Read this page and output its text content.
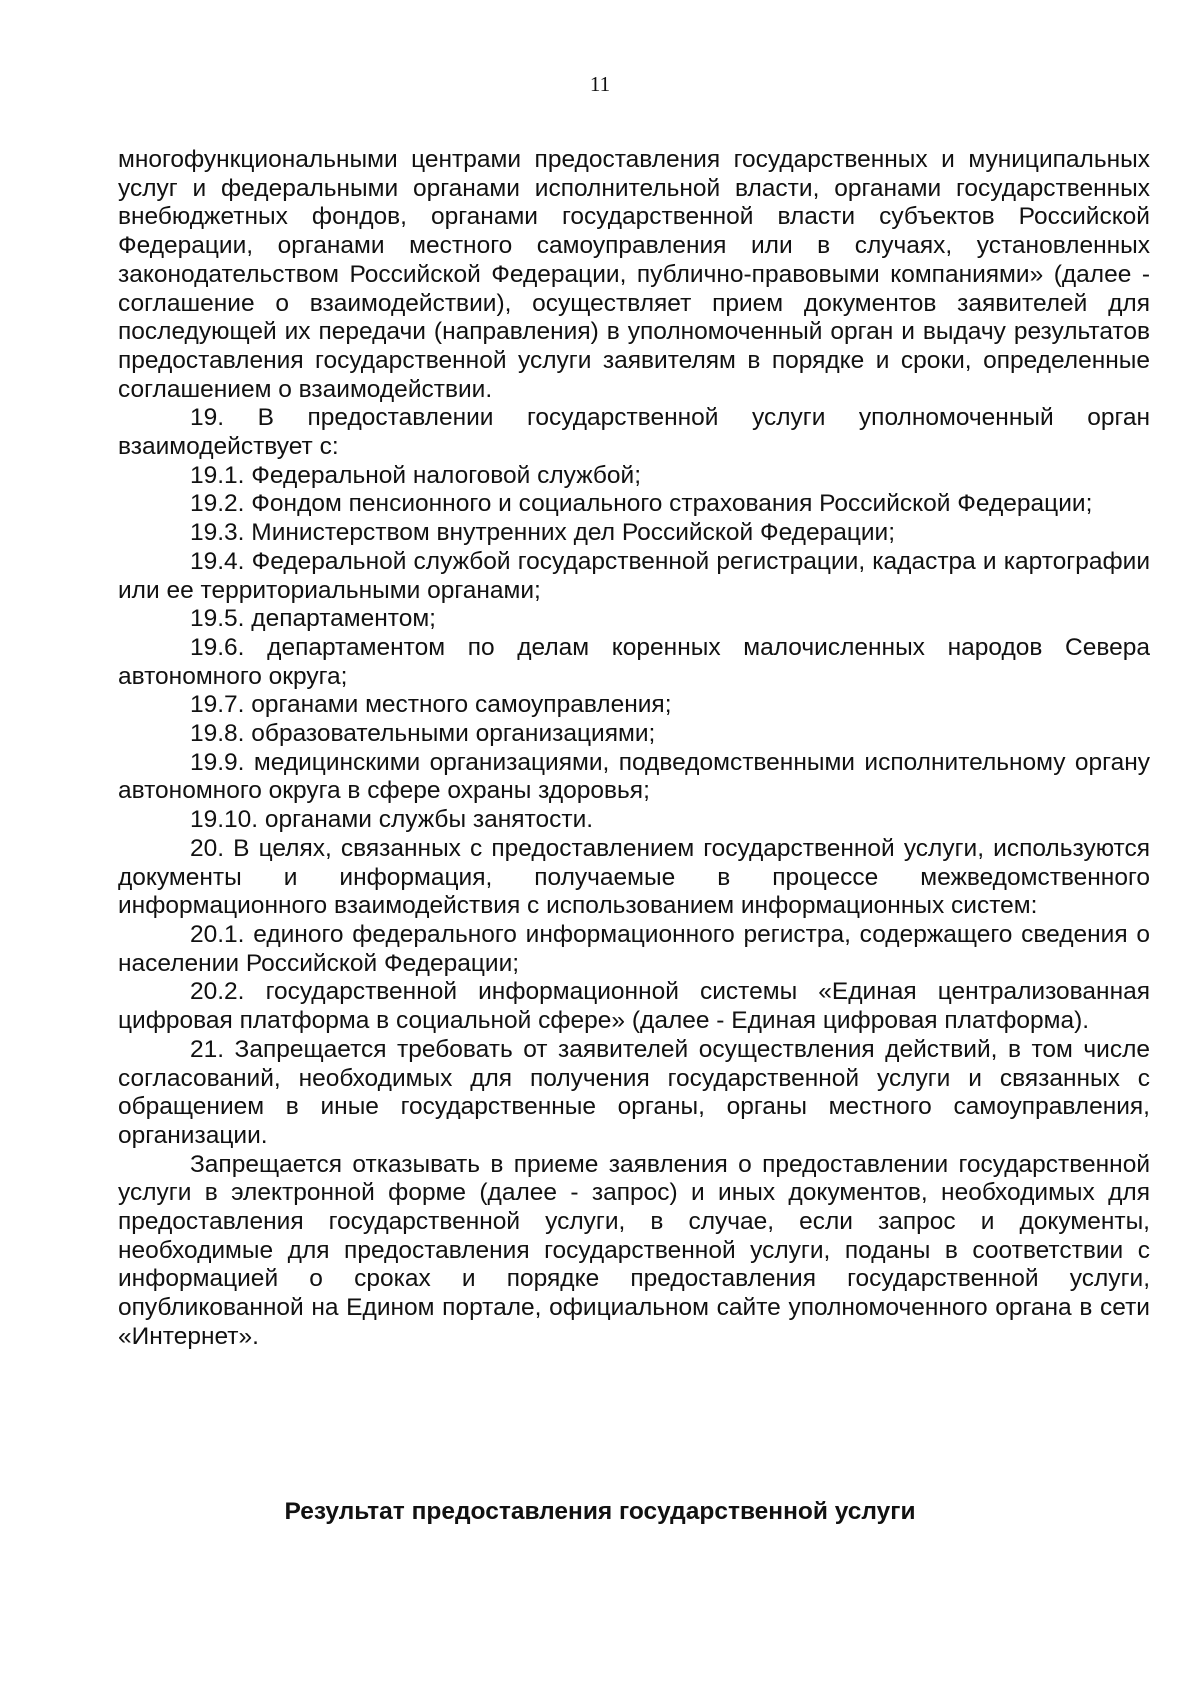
11

многофункциональными центрами предоставления государственных и муниципальных услуг и федеральными органами исполнительной власти, органами государственных внебюджетных фондов, органами государственной власти субъектов Российской Федерации, органами местного самоуправления или в случаях, установленных законодательством Российской Федерации, публично-правовыми компаниями» (далее - соглашение о взаимодействии), осуществляет прием документов заявителей для последующей их передачи (направления) в уполномоченный орган и выдачу результатов предоставления государственной услуги заявителям в порядке и сроки, определенные соглашением о взаимодействии.

19. В предоставлении государственной услуги уполномоченный орган взаимодействует с:

19.1. Федеральной налоговой службой;

19.2. Фондом пенсионного и социального страхования Российской Федерации;

19.3. Министерством внутренних дел Российской Федерации;

19.4. Федеральной службой государственной регистрации, кадастра и картографии или ее территориальными органами;

19.5. департаментом;

19.6. департаментом по делам коренных малочисленных народов Севера автономного округа;

19.7. органами местного самоуправления;

19.8. образовательными организациями;

19.9. медицинскими организациями, подведомственными исполнительному органу автономного округа в сфере охраны здоровья;

19.10. органами службы занятости.

20. В целях, связанных с предоставлением государственной услуги, используются документы и информация, получаемые в процессе межведомственного информационного взаимодействия с использованием информационных систем:

20.1. единого федерального информационного регистра, содержащего сведения о населении Российской Федерации;

20.2. государственной информационной системы «Единая централизованная цифровая платформа в социальной сфере» (далее - Единая цифровая платформа).

21. Запрещается требовать от заявителей осуществления действий, в том числе согласований, необходимых для получения государственной услуги и связанных с обращением в иные государственные органы, органы местного самоуправления, организации.

Запрещается отказывать в приеме заявления о предоставлении государственной услуги в электронной форме (далее - запрос) и иных документов, необходимых для предоставления государственной услуги, в случае, если запрос и документы, необходимые для предоставления государственной услуги, поданы в соответствии с информацией о сроках и порядке предоставления государственной услуги, опубликованной на Едином портале, официальном сайте уполномоченного органа в сети «Интернет».

Результат предоставления государственной услуги
